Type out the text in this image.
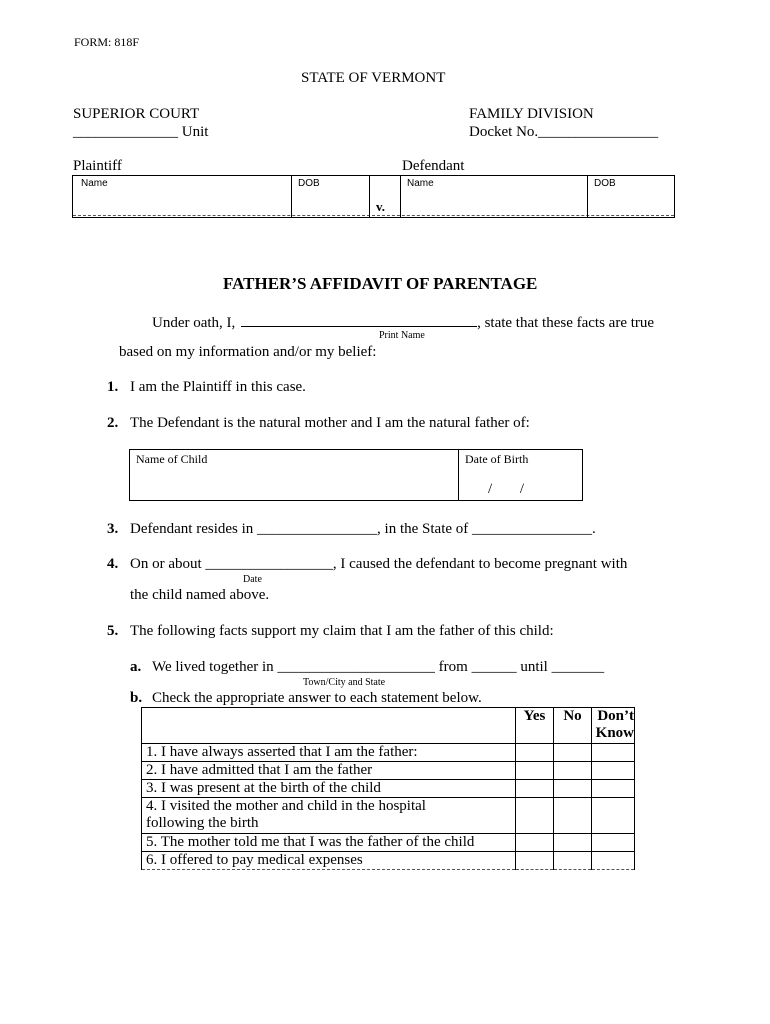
FORM: 818F
STATE OF VERMONT
SUPERIOR COURT
______________ Unit
FAMILY DIVISION
Docket No.________________
Plaintiff	Defendant
Name	DOB
v.
Name	DOB
FATHER’S AFFIDAVIT OF PARENTAGE
Under oath, I,	, state that these facts are true
Print Name
based on my information and/or my belief:
1. I am the Plaintiff in this case.
2. The Defendant is the natural mother and I am the natural father of:
Name of Child	Date of Birth
/ /
3. Defendant resides in ________________, in the State of ________________.
4. On or about _________________, I caused the defendant to become pregnant with
Date
the child named above.
5. The following facts support my claim that I am the father of this child:
a. We lived together in _____________________ from ______ until _______
Town/City and State
b. Check the appropriate answer to each statement below.
	Yes	No	Don’t
Know

1. I have always asserted that I am the father:			
2. I have admitted that I am the father			
3. I was present at the birth of the child			

4. I visited the mother and child in the hospital
following the birth			

5. The mother told me that I was the father of the child			
6. I offered to pay medical expenses			
